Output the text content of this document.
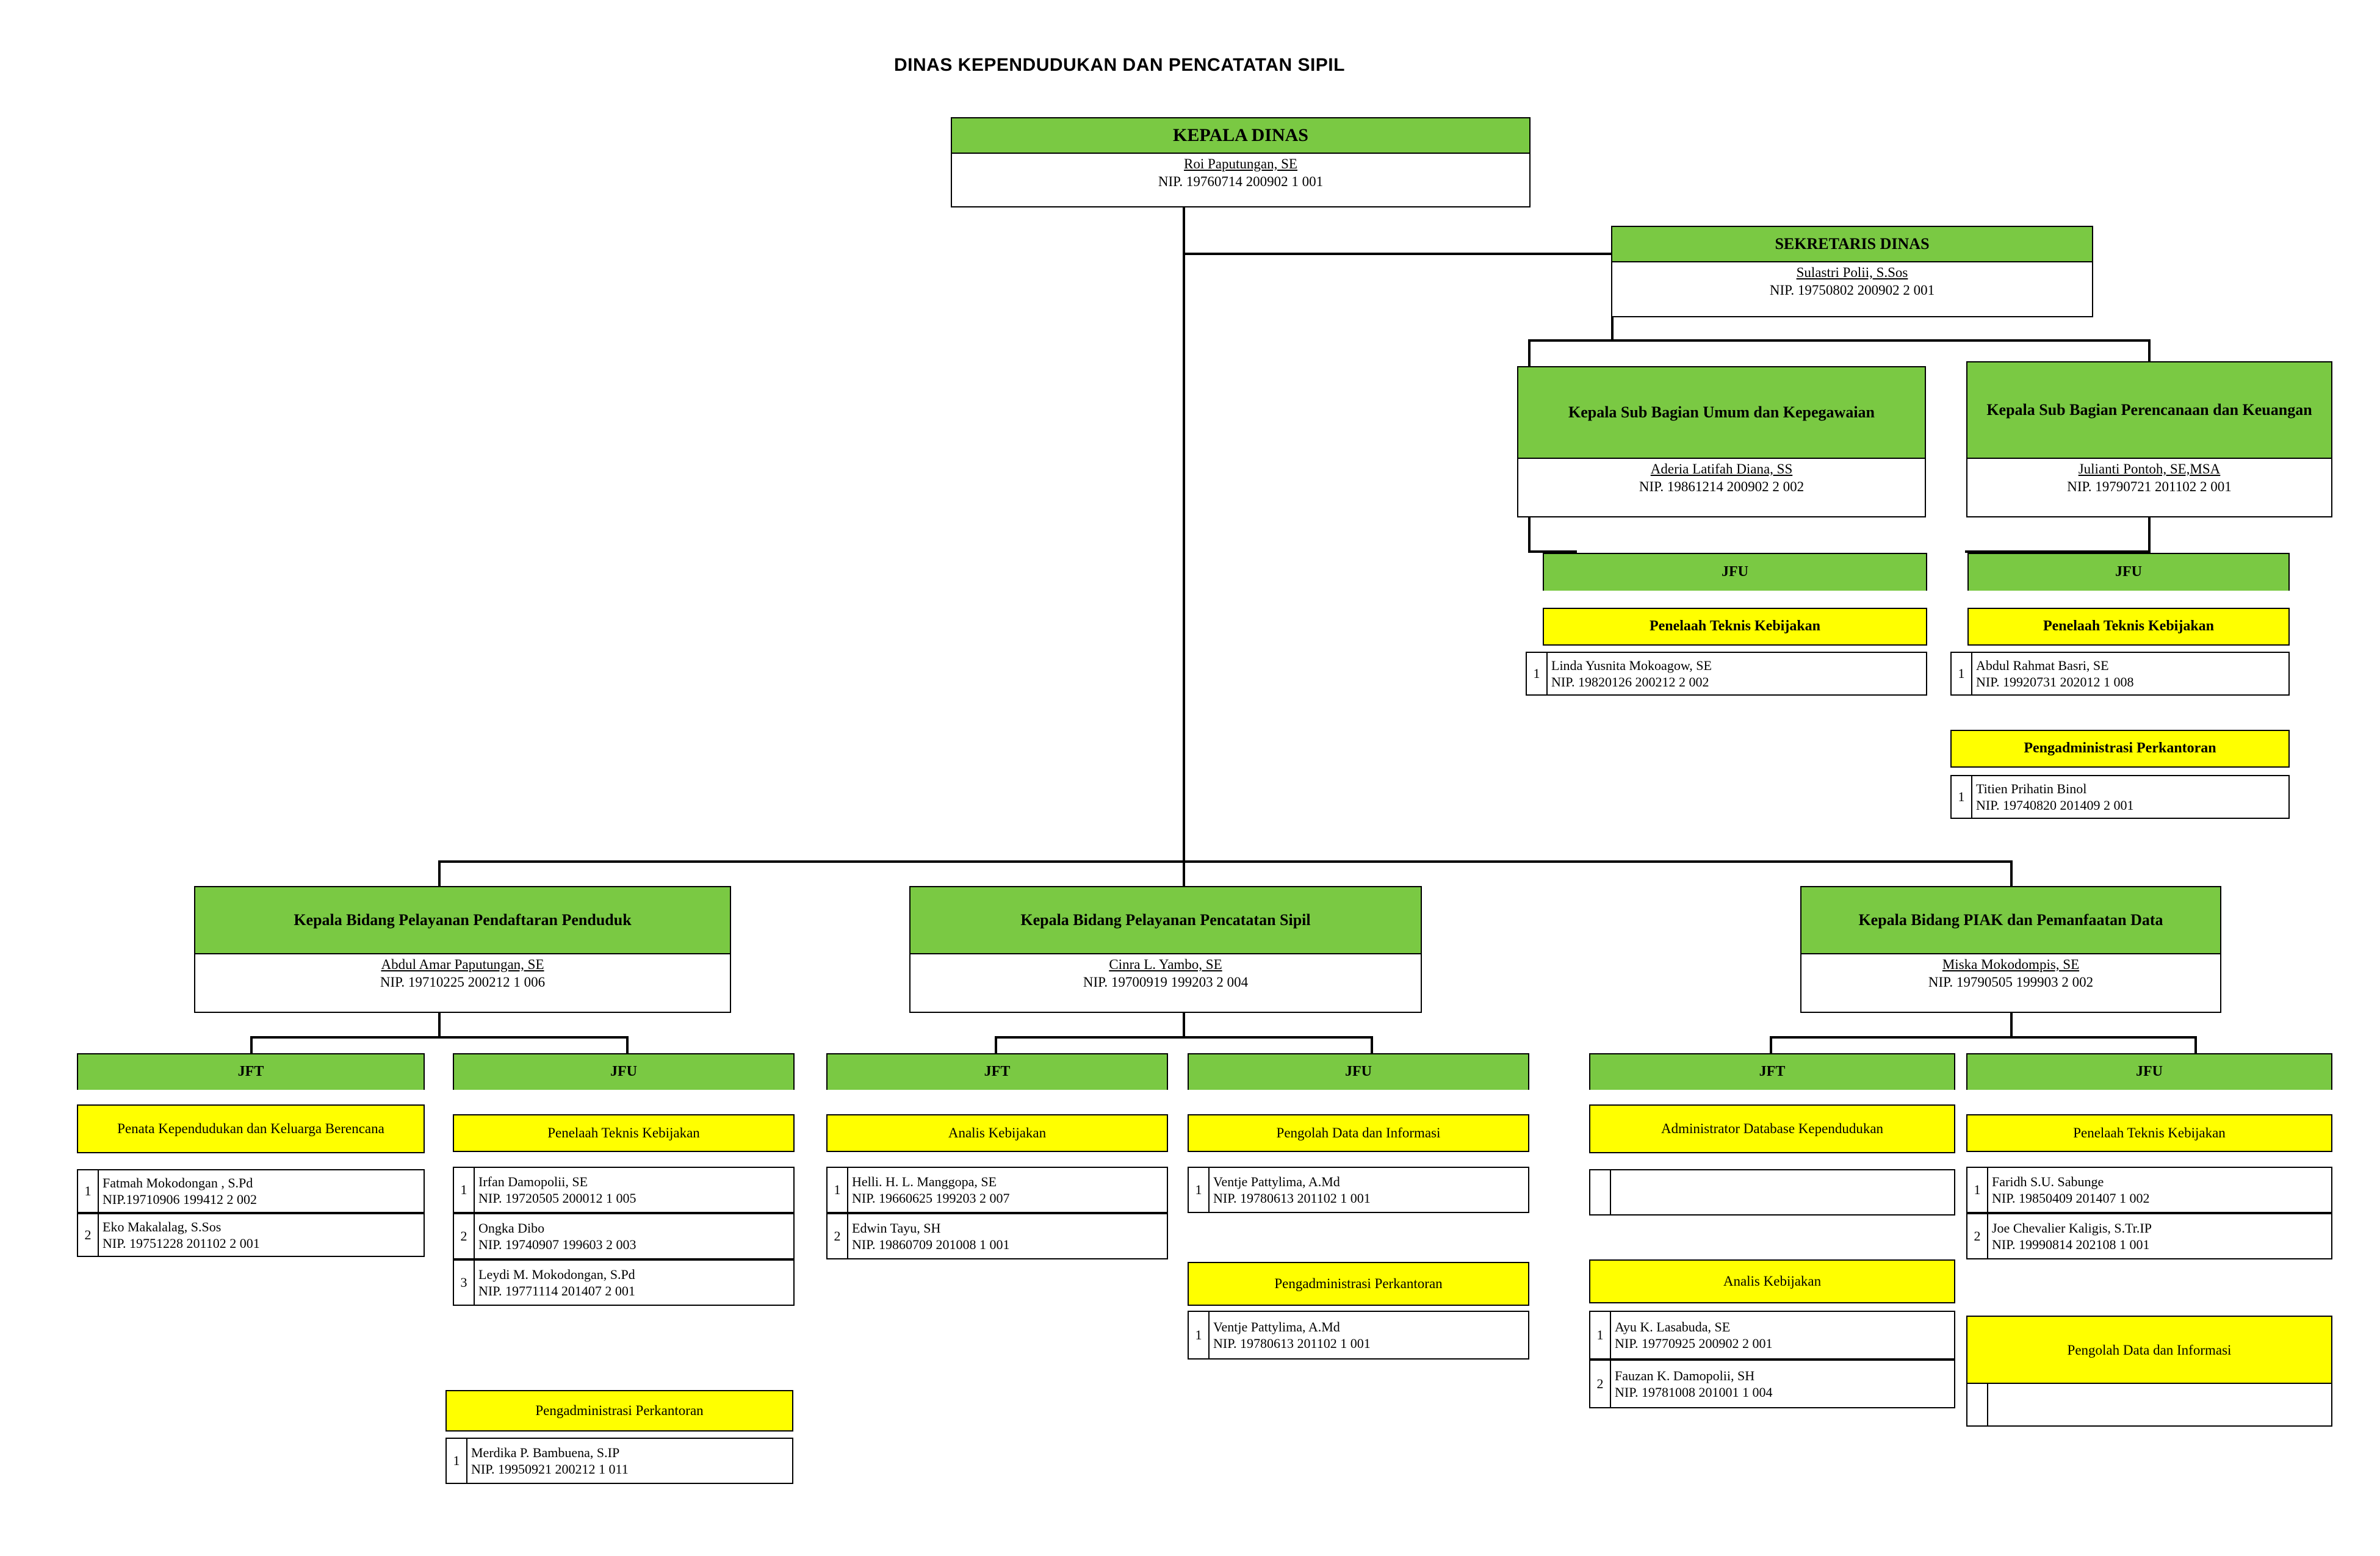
DINAS KEPENDUDUKAN DAN PENCATATAN SIPIL
KEPALA DINAS
Roi Paputungan, SE
NIP. 19760714 200902 1 001
SEKRETARIS DINAS
Sulastri Polii, S.Sos
NIP. 19750802 200902 2 001
Kepala Sub Bagian Umum dan Kepegawaian
Aderia Latifah Diana, SS
NIP. 19861214 200902 2 002
Kepala Sub Bagian Perencanaan dan Keuangan
Julianti Pontoh, SE,MSA
NIP. 19790721 201102 2 001
JFU
Penelaah Teknis Kebijakan
1
Linda Yusnita Mokoagow, SE
NIP. 19820126 200212 2 002
JFU
Penelaah Teknis Kebijakan
1
Abdul Rahmat Basri, SE
NIP. 19920731 202012 1 008
Pengadministrasi Perkantoran
1
Titien Prihatin Binol
NIP. 19740820 201409 2 001
Kepala Bidang Pelayanan Pendaftaran Penduduk
Abdul Amar Paputungan, SE
NIP. 19710225 200212 1 006
JFT
Penata Kependudukan dan Keluarga Berencana
1
Fatmah Mokodongan , S.Pd
NIP.19710906 199412 2 002
2
Eko Makalalag, S.Sos
NIP. 19751228 201102 2 001
JFU
Penelaah Teknis Kebijakan
1
Irfan Damopolii, SE
NIP. 19720505 200012 1 005
2
Ongka Dibo
NIP. 19740907 199603 2 003
3
Leydi M. Mokodongan, S.Pd
NIP. 19771114 201407 2 001
Pengadministrasi Perkantoran
1
Merdika P. Bambuena, S.IP
NIP. 19950921 200212 1 011
Kepala Bidang Pelayanan Pencatatan Sipil
Cinra L. Yambo, SE
NIP. 19700919 199203 2 004
JFT
Analis Kebijakan
1
Helli. H. L. Manggopa, SE
NIP. 19660625 199203 2 007
2
Edwin Tayu, SH
NIP. 19860709 201008 1 001
JFU
Pengolah Data dan Informasi
1
Ventje Pattylima, A.Md
NIP. 19780613 201102 1 001
Pengadministrasi Perkantoran
1
Ventje Pattylima, A.Md
NIP. 19780613 201102 1 001
Kepala Bidang PIAK dan Pemanfaatan Data
Miska Mokodompis, SE
NIP. 19790505 199903 2 002
JFT
Administrator Database Kependudukan
Analis Kebijakan
1
Ayu K. Lasabuda, SE
NIP. 19770925 200902 2 001
2
Fauzan K. Damopolii, SH
NIP. 19781008 201001 1 004
JFU
Penelaah Teknis Kebijakan
1
Faridh S.U. Sabunge
NIP. 19850409 201407 1 002
2
Joe Chevalier Kaligis, S.Tr.IP
NIP. 19990814 202108 1 001
Pengolah Data dan Informasi
